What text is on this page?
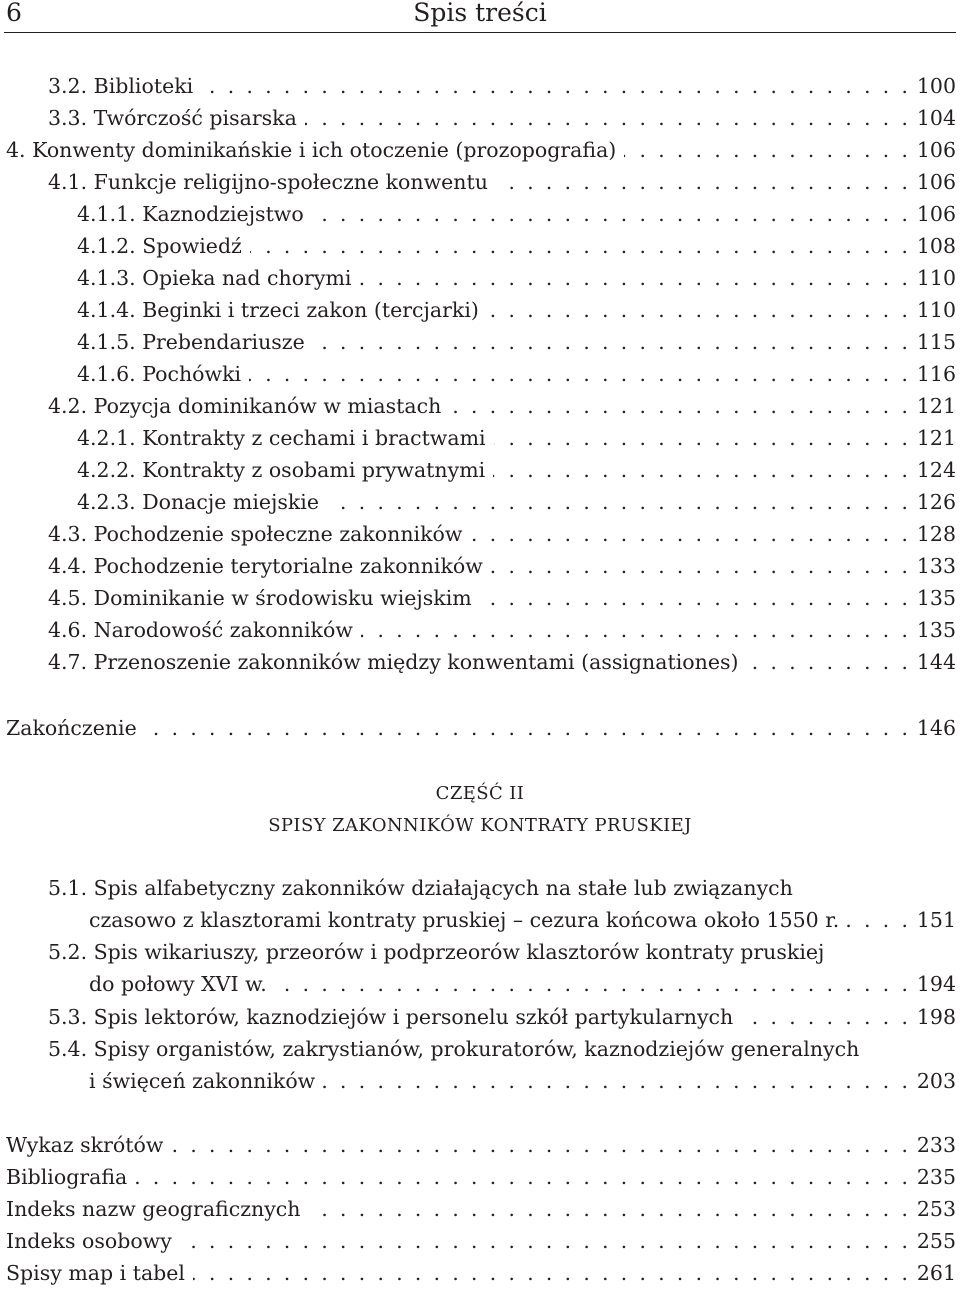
6	Spis treści
3.2. Biblioteki . . .	100
3.3. Twórczość pisarska . . .	104
4. Konwenty dominikańskie i ich otoczenie (prozopografia) . . .	106
4.1. Funkcje religijno-społeczne konwentu . . .	106
4.1.1. Kaznodziejstwo . . .	106
4.1.2. Spowiedź . . .	108
4.1.3. Opieka nad chorymi . . .	110
4.1.4. Beginki i trzeci zakon (tercjarki) . . .	110
4.1.5. Prebendariusze . . .	115
4.1.6. Pochówki . . .	116
4.2. Pozycja dominikanów w miastach . . .	121
4.2.1. Kontrakty z cechami i bractwami . . .	121
4.2.2. Kontrakty z osobami prywatnymi . . .	124
4.2.3. Donacje miejskie . . .	126
4.3. Pochodzenie społeczne zakonników . . .	128
4.4. Pochodzenie terytorialne zakonników . . .	133
4.5. Dominikanie w środowisku wiejskim . . .	135
4.6. Narodowość zakonników . . .	135
4.7. Przenoszenie zakonników między konwentami (assignationes) . . .	144
Zakończenie . . .	146
CZĘŚĆ II
SPISY ZAKONNIKÓW KONTRATY PRUSKIEJ
5.1. Spis alfabetyczny zakonników działających na stałe lub związanych
czasowo z klasztorami kontraty pruskiej – cezura końcowa około 1550 r. . . .	151
5.2. Spis wikariuszy, przeorów i podprzeorów klasztorów kontraty pruskiej
do połowy XVI w. . . .	194
5.3. Spis lektorów, kaznodziejów i personelu szkół partykularnych . . .	198
5.4. Spisy organistów, zakrystianów, prokuratorów, kaznodziejów generalnych
i święceń zakonników . . .	203
Wykaz skrótów . . .	233
Bibliografia . . .	235
Indeks nazw geograficznych . . .	253
Indeks osobowy . . .	255
Spisy map i tabel . . .	261
